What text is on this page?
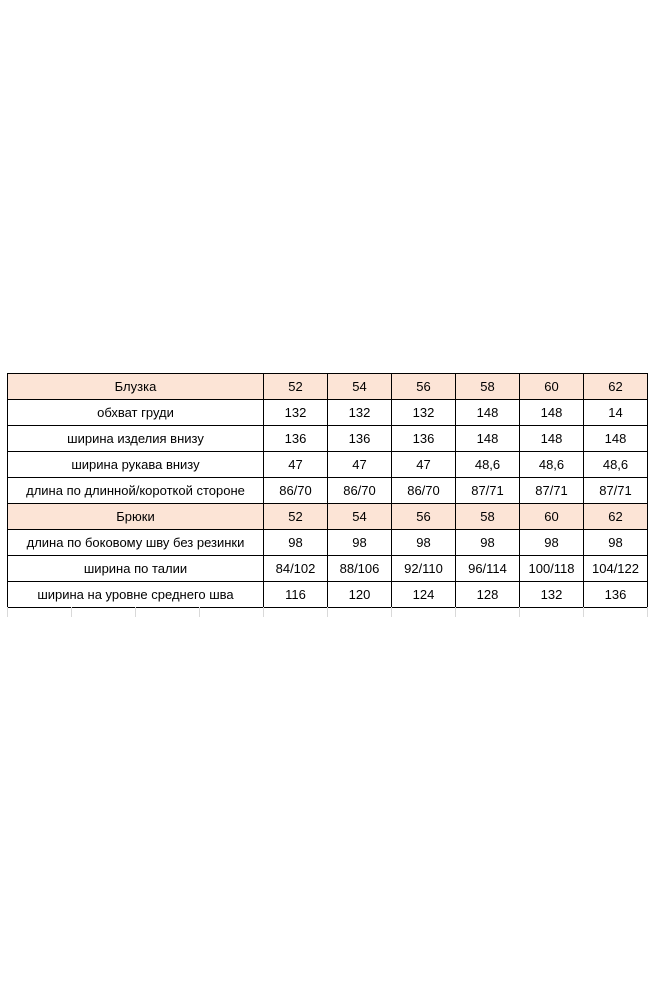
Блузка	52	54	56	58	60	62
обхват груди	132	132	132	148	148	14
ширина изделия внизу	136	136	136	148	148	148
ширина рукава внизу	47	47	47	48,6	48,6	48,6
длина по длинной/короткой стороне	86/70	86/70	86/70	87/71	87/71	87/71
Брюки	52	54	56	58	60	62
длина по боковому шву без резинки	98	98	98	98	98	98
ширина по талии	84/102	88/106	92/110	96/114	100/118	104/122
ширина на уровне среднего шва	116	120	124	128	132	136
